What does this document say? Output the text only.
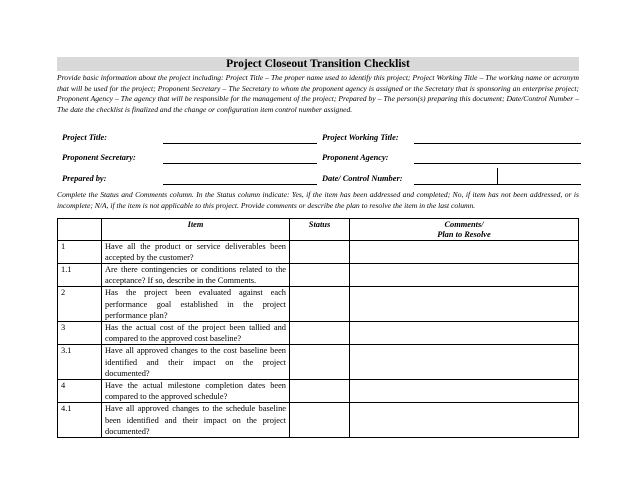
Project Closeout Transition Checklist
Provide basic information about the project including: Project Title – The proper name used to identify this project; Project Working Title – The working name or acronym that will be used for the project; Proponent Secretary – The Secretary to whom the proponent agency is assigned or the Secretary that is sponsoring an enterprise project; Proponent Agency – The agency that will be responsible for the management of the project; Prepared by – The person(s) preparing this document; Date/Control Number – The date the checklist is finalized and the change or configuration item control number assigned.
Project Title:	Project Working Title:
Proponent Secretary:	Proponent Agency:
Prepared by:	Date/ Control Number:
Complete the Status and Comments column. In the Status column indicate: Yes, if the item has been addressed and completed; No, if item has not been addressed, or is incomplete; N/A, if the item is not applicable to this project. Provide comments or describe the plan to resolve the item in the last column.
	Item	Status	Comments/
Plan to Resolve
1	Have all the product or service deliverables been accepted by the customer?		
1.1	Are there contingencies or conditions related to the acceptance? If so, describe in the Comments.		
2	Has the project been evaluated against each performance goal established in the project performance plan?		
3	Has the actual cost of the project been tallied and compared to the approved cost baseline?		
3.1	Have all approved changes to the cost baseline been identified and their impact on the project documented?		
4	Have the actual milestone completion dates been compared to the approved schedule?		
4.1	Have all approved changes to the schedule baseline been identified and their impact on the project documented?		
